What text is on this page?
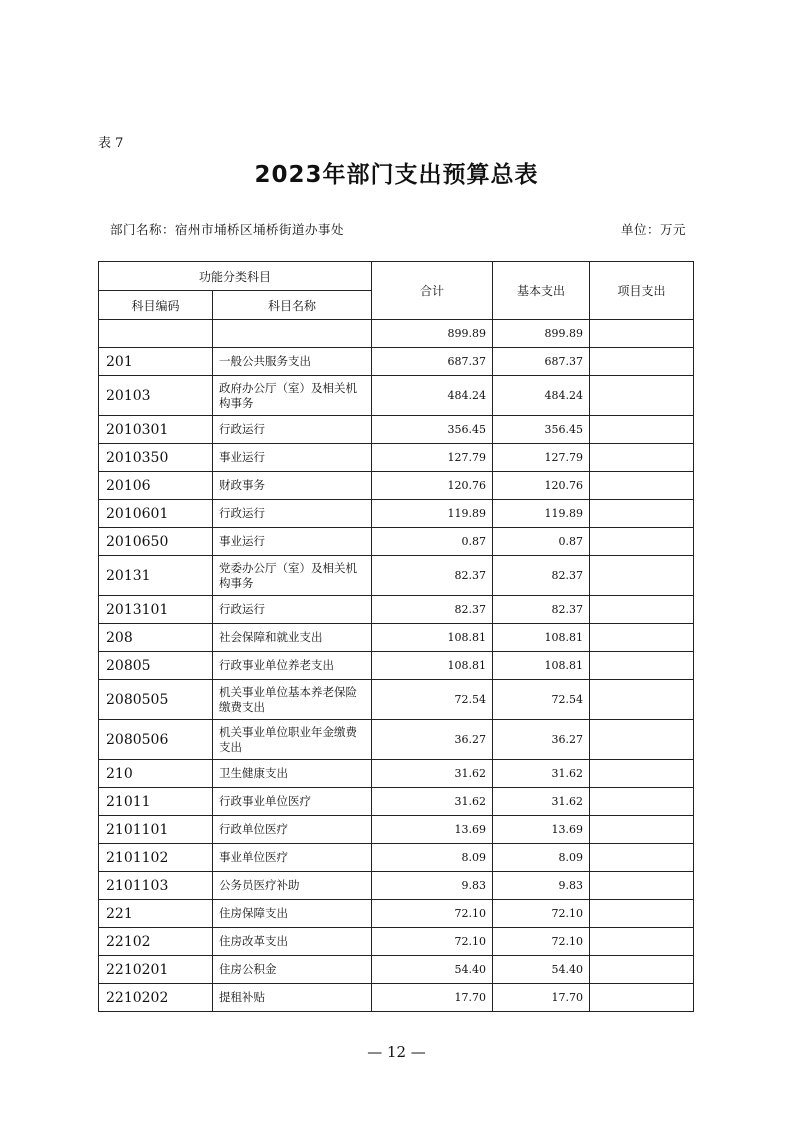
表 7
2023年部门支出预算总表
部门名称：宿州市埇桥区埇桥街道办事处	单位：万元
功能分类科目		合计	基本支出	项目支出
科目编码	科目名称			
		899.89	899.89	
201	一般公共服务支出	687.37	687.37	
20103	政府办公厅（室）及相关机构事务	484.24	484.24	
2010301	行政运行	356.45	356.45	
2010350	事业运行	127.79	127.79	
20106	财政事务	120.76	120.76	
2010601	行政运行	119.89	119.89	
2010650	事业运行	0.87	0.87	
20131	党委办公厅（室）及相关机构事务	82.37	82.37	
2013101	行政运行	82.37	82.37	
208	社会保障和就业支出	108.81	108.81	
20805	行政事业单位养老支出	108.81	108.81	
2080505	机关事业单位基本养老保险缴费支出	72.54	72.54	
2080506	机关事业单位职业年金缴费支出	36.27	36.27	
210	卫生健康支出	31.62	31.62	
21011	行政事业单位医疗	31.62	31.62	
2101101	行政单位医疗	13.69	13.69	
2101102	事业单位医疗	8.09	8.09	
2101103	公务员医疗补助	9.83	9.83	
221	住房保障支出	72.10	72.10	
22102	住房改革支出	72.10	72.10	
2210201	住房公积金	54.40	54.40	
2210202	提租补贴	17.70	17.70	
— 12 —
